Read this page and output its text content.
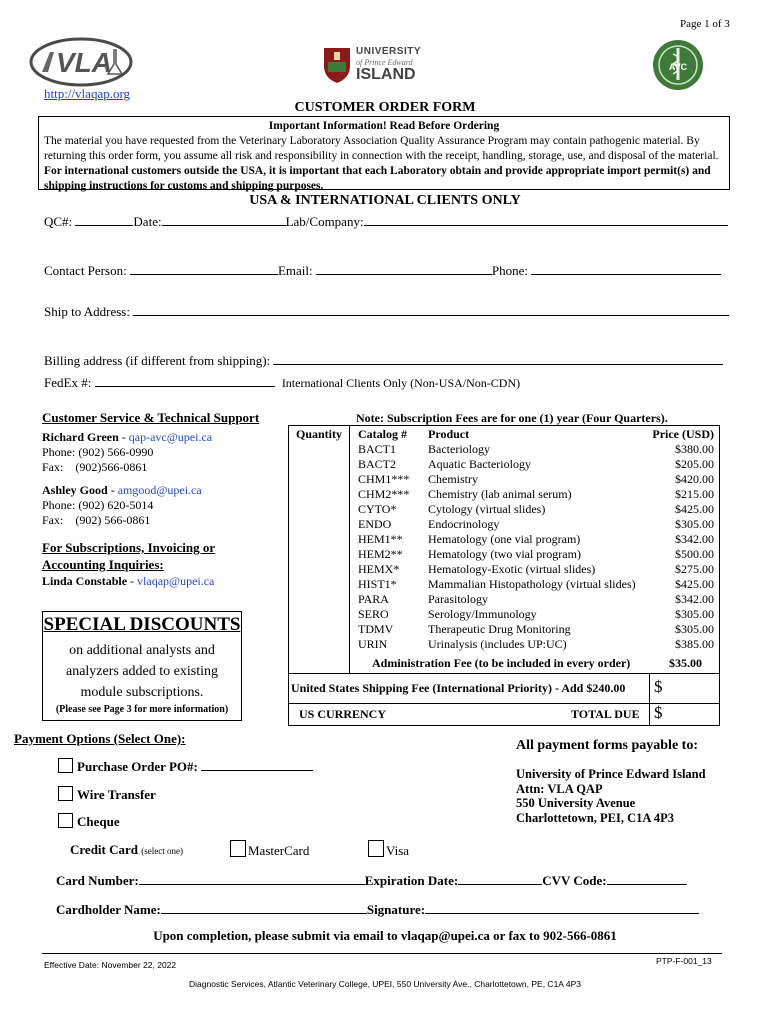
Page 1 of 3
VLA	UNIVERSITY
of Prince Edward
ISLAND	AVC
http://vlaqap.org
CUSTOMER ORDER FORM
Important Information! Read Before Ordering
The material you have requested from the Veterinary Laboratory Association Quality Assurance Program may contain pathogenic material. By returning this order form, you assume all risk and responsibility in connection with the receipt, handling, storage, use, and disposal of the material. For international customers outside the USA, it is important that each Laboratory obtain and provide appropriate import permit(s) and shipping instructions for customs and shipping purposes.
USA & INTERNATIONAL CLIENTS ONLY
QC#:	Date:	Lab/Company:
Contact Person:	Email:	Phone:
Ship to Address:
Billing address (if different from shipping):
FedEx #:	International Clients Only (Non-USA/Non-CDN)
Customer Service & Technical Support
Richard Green - qap-avc@upei.ca
Phone: (902) 566-0990
Fax: (902)566-0861
Ashley Good - amgood@upei.ca
Phone: (902) 620-5014
Fax: (902) 566-0861
For Subscriptions, Invoicing or
Accounting Inquiries:
Linda Constable - vlaqap@upei.ca
SPECIAL DISCOUNTS
on additional analysts and
analyzers added to existing
module subscriptions.
(Please see Page 3 for more information)
Note: Subscription Fees are for one (1) year (Four Quarters).
Quantity Catalog #	Product	Price (USD)
BACT1	Bacteriology	$380.00
BACT2	Aquatic Bacteriology	$205.00
CHM1***	Chemistry	$420.00
CHM2***	Chemistry (lab animal serum)	$215.00
CYTO*	Cytology (virtual slides)	$425.00
ENDO	Endocrinology	$305.00
HEM1**	Hematology (one vial program)	$342.00
HEM2**	Hematology (two vial program)	$500.00
HEMX*	Hematology-Exotic (virtual slides)	$275.00
HIST1*	Mammalian Histopathology (virtual slides)	$425.00
PARA	Parasitology	$342.00
SERO	Serology/Immunology	$305.00
TDMV	Therapeutic Drug Monitoring	$305.00
URIN	Urinalysis (includes UP:UC)	$385.00
Administration Fee (to be included in every order)	$35.00
United States Shipping Fee (International Priority) - Add $240.00 $
US CURRENCY	TOTAL DUE $
Payment Options (Select One):
Purchase Order PO#:
Wire Transfer
Cheque
Credit Card (select one)	MasterCard	Visa
All payment forms payable to:
University of Prince Edward Island
Attn: VLA QAP
550 University Avenue
Charlottetown, PEI, C1A 4P3
Card Number:	Expiration Date:	CVV Code:
Cardholder Name:	Signature:
Upon completion, please submit via email to vlaqap@upei.ca or fax to 902-566-0861
Effective Date: November 22, 2022	PTP-F-001_13
Diagnostic Services, Atlantic Veterinary College, UPEI, 550 University Ave., Charlottetown, PE, C1A 4P3
